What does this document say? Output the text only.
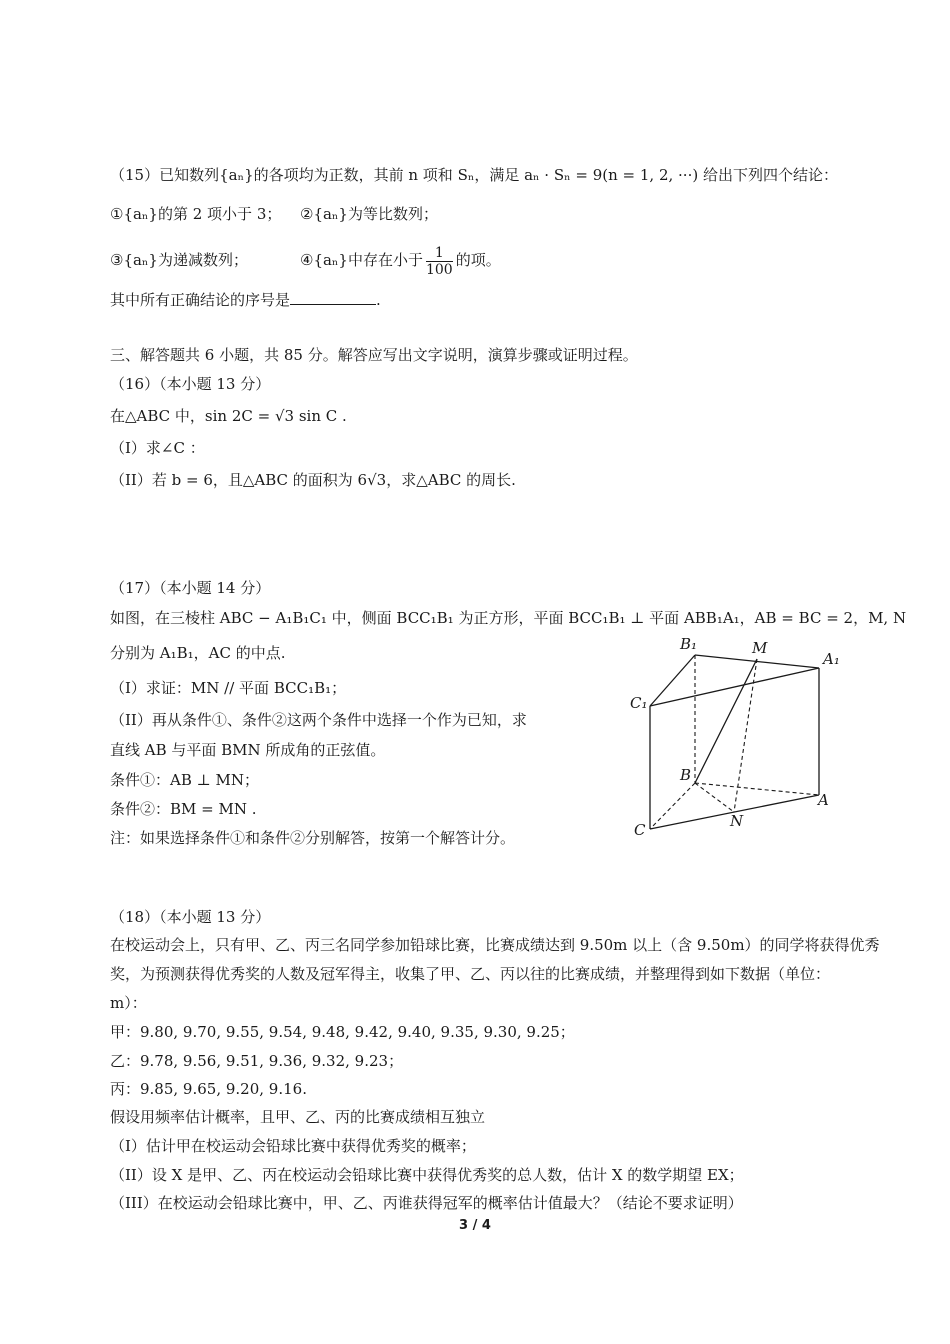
（15）已知数列{aₙ}的各项均为正数，其前 n 项和 Sₙ，满足 aₙ · Sₙ = 9(n = 1, 2, ···) 给出下列四个结论：
①{aₙ}的第 2 项小于 3； ②{aₙ}为等比数列；
③{aₙ}为递减数列；	④{aₙ}中存在小于 $\frac{1}{100}$ 的项。
其中所有正确结论的序号是	.
三、解答题共 6 小题，共 85 分。解答应写出文字说明，演算步骤或证明过程。
（16）（本小题 13 分）
在△ABC 中，sin 2C = √3 sin C .
（I）求∠C ：
（II）若 b = 6，且△ABC 的面积为 6√3，求△ABC 的周长.
（17）（本小题 14 分）
如图，在三棱柱 ABC − A₁B₁C₁ 中，侧面 BCC₁B₁ 为正方形，平面 BCC₁B₁ ⊥ 平面 ABB₁A₁，AB = BC = 2，M, N
分别为 A₁B₁，AC 的中点.
（I）求证：MN // 平面 BCC₁B₁；
（II）再从条件①、条件②这两个条件中选择一个作为已知，求
直线 AB 与平面 BMN 所成角的正弦值。
条件①：AB ⊥ MN；
条件②：BM = MN .
注：如果选择条件①和条件②分别解答，按第一个解答计分。
B₁	M
A₁
C₁
B
A
C	N
（18）（本小题 13 分）
在校运动会上，只有甲、乙、丙三名同学参加铅球比赛，比赛成绩达到 9.50m 以上（含 9.50m）的同学将获得优秀
奖，为预测获得优秀奖的人数及冠军得主，收集了甲、乙、丙以往的比赛成绩，并整理得到如下数据（单位：
m）：
甲：9.80, 9.70, 9.55, 9.54, 9.48, 9.42, 9.40, 9.35, 9.30, 9.25；
乙：9.78, 9.56, 9.51, 9.36, 9.32, 9.23；
丙：9.85, 9.65, 9.20, 9.16.
假设用频率估计概率，且甲、乙、丙的比赛成绩相互独立
（I）估计甲在校运动会铅球比赛中获得优秀奖的概率；
（II）设 X 是甲、乙、丙在校运动会铅球比赛中获得优秀奖的总人数，估计 X 的数学期望 EX；
（III）在校运动会铅球比赛中，甲、乙、丙谁获得冠军的概率估计值最大？（结论不要求证明）
3 / 4
